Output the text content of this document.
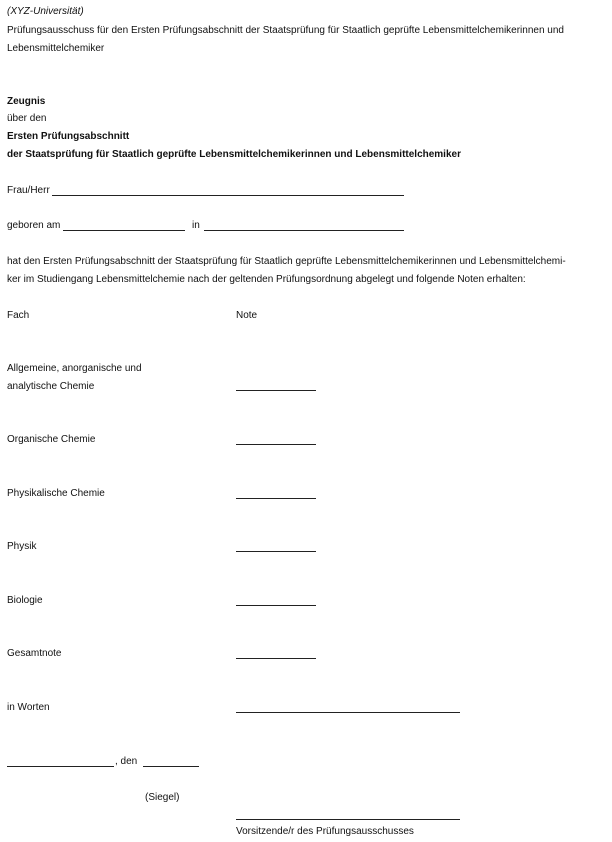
(XYZ-Universität)
Prüfungsausschuss für den Ersten Prüfungsabschnitt der Staatsprüfung für Staatlich geprüfte Lebensmittelchemikerinnen und
Lebensmittelchemiker
Zeugnis
über den
Ersten Prüfungsabschnitt
der Staatsprüfung für Staatlich geprüfte Lebensmittelchemikerinnen und Lebensmittelchemiker
Frau/Herr
geboren am	in
hat den Ersten Prüfungsabschnitt der Staatsprüfung für Staatlich geprüfte Lebensmittelchemikerinnen und Lebensmittelchemi-
ker im Studiengang Lebensmittelchemie nach der geltenden Prüfungsordnung abgelegt und folgende Noten erhalten:
Fach	Note
Allgemeine, anorganische und
analytische Chemie
Organische Chemie
Physikalische Chemie
Physik
Biologie
Gesamtnote
in Worten
, den
(Siegel)
Vorsitzende/r des Prüfungsausschusses
